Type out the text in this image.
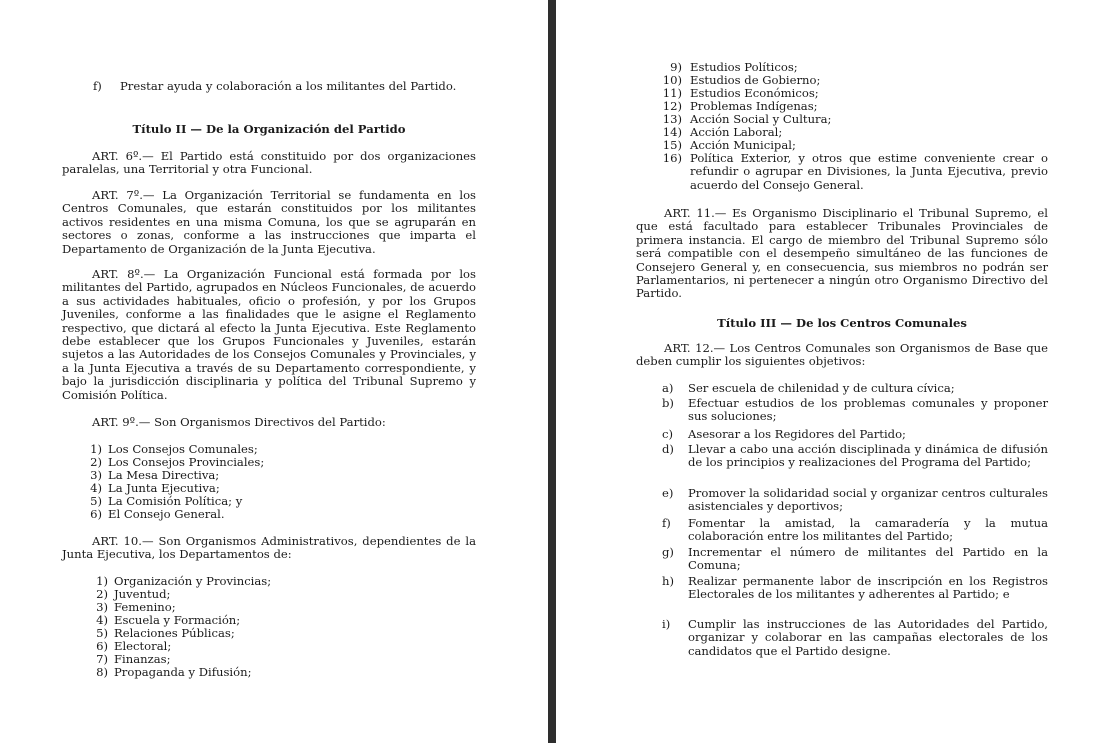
f)	Prestar ayuda y colaboración a los militantes del Partido.
Título II — De la Organización del Partido

ART. 6º.— El Partido está constituido por dos organizaciones paralelas, una Territorial y otra Funcional.

ART. 7º.— La Organización Territorial se fundamenta en los Centros Comunales, que estarán constituidos por los militantes activos residentes en una misma Comuna, los que se agruparán en sectores o zonas, conforme a las instrucciones que imparta el Departamento de Organización de la Junta Ejecutiva.

ART. 8º.— La Organización Funcional está formada por los militantes del Partido, agrupados en Núcleos Funcionales, de acuerdo a sus actividades habituales, oficio o profesión, y por los Grupos Juveniles, conforme a las finalidades que le asigne el Reglamento respectivo, que dictará al efecto la Junta Ejecutiva. Este Reglamento debe establecer que los Grupos Funcionales y Juveniles, estarán sujetos a las Autoridades de los Consejos Comunales y Provinciales, y a la Junta Ejecutiva a través de su Departamento correspondiente, y bajo la jurisdicción disciplinaria y política del Tribunal Supremo y Comisión Política.

ART. 9º.— Son Organismos Directivos del Partido:

1) Los Consejos Comunales;
2) Los Consejos Provinciales;
3) La Mesa Directiva;
4) La Junta Ejecutiva;
5) La Comisión Política; y
6) El Consejo General.

ART. 10.— Son Organismos Administrativos, dependientes de la Junta Ejecutiva, los Departamentos de:

1) Organización y Provincias;
2) Juventud;
3) Femenino;
4) Escuela y Formación;
5) Relaciones Públicas;
6) Electoral;
7) Finanzas;
8) Propaganda y Difusión;
9) Estudios Políticos;
10) Estudios de Gobierno;
11) Estudios Económicos;
12) Problemas Indígenas;
13) Acción Social y Cultura;
14) Acción Laboral;
15) Acción Municipal;
16) Política Exterior, y otros que estime conveniente crear o refundir o agrupar en Divisiones, la Junta Ejecutiva, previo acuerdo del Consejo General.

ART. 11.— Es Organismo Disciplinario el Tribunal Supremo, el que está facultado para establecer Tribunales Provinciales de primera instancia. El cargo de miembro del Tribunal Supremo sólo será compatible con el desempeño simultáneo de las funciones de Consejero General y, en consecuencia, sus miembros no podrán ser Parlamentarios, ni pertenecer a ningún otro Organismo Directivo del Partido.

Título III — De los Centros Comunales

ART. 12.— Los Centros Comunales son Organismos de Base que deben cumplir los siguientes objetivos:

a)	Ser escuela de chilenidad y de cultura cívica;
b)	Efectuar estudios de los problemas comunales y proponer sus soluciones;
c)	Asesorar a los Regidores del Partido;
d)	Llevar a cabo una acción disciplinada y dinámica de difusión de los principios y realizaciones del Programa del Partido;
e)	Promover la solidaridad social y organizar centros culturales asistenciales y deportivos;
f)	Fomentar la amistad, la camaradería y la mutua colaboración entre los militantes del Partido;
g)	Incrementar el número de militantes del Partido en la Comuna;
h)	Realizar permanente labor de inscripción en los Registros Electorales de los militantes y adherentes al Partido; e
i)	Cumplir las instrucciones de las Autoridades del Partido, organizar y colaborar en las campañas electorales de los candidatos que el Partido designe.
